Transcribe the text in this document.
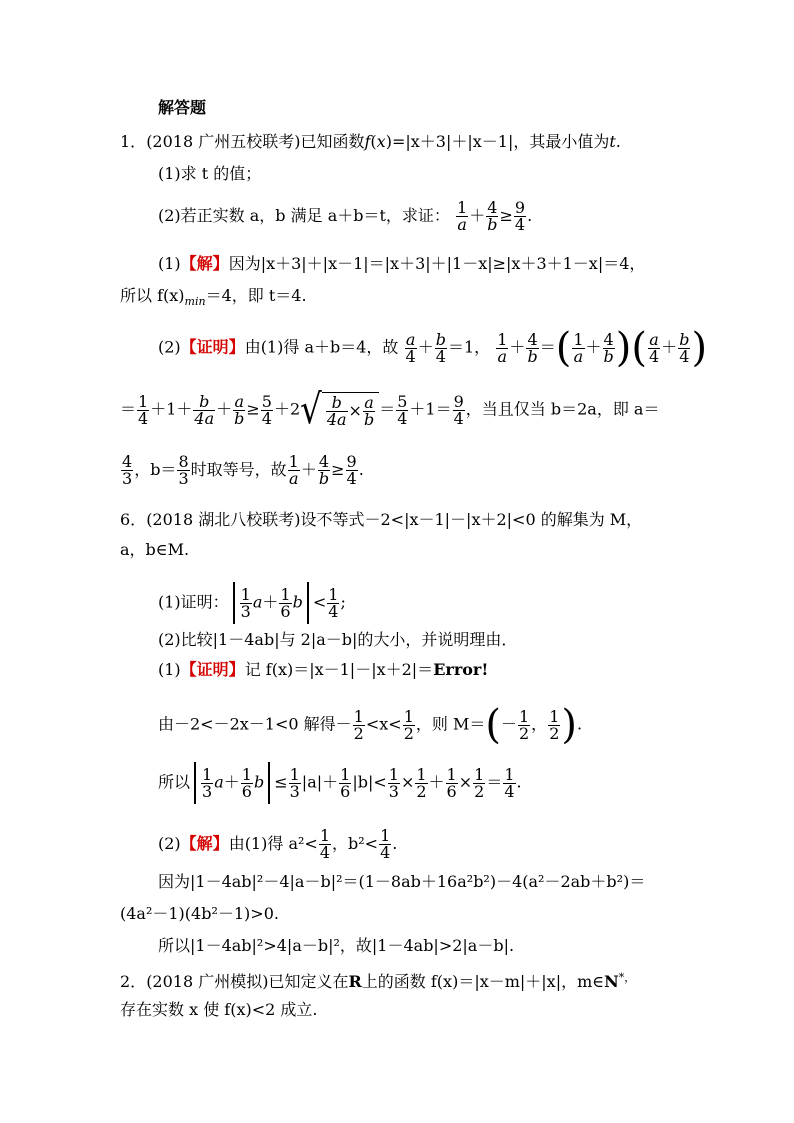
解答题
1．(2018 广州五校联考)已知函数f(x)=|x＋3|＋|x－1|，其最小值为t.
(1)求 t 的值；
(2)若正实数 a，b 满足 a＋b＝t，求证： $\frac{1}{a} + \frac{4}{b} \ge \frac{9}{4}$ .
(1)【解】因为|x＋3|＋|x－1|＝|x＋3|＋|1－x|≥|x＋3＋1－x|＝4，
所以 $f(x)_{min}=4$，即 t＝4.
(2)【证明】由(1)得 a＋b＝4，故 $\frac{a}{4} + \frac{b}{4} =1$， $\frac{1}{a} + \frac{4}{b}$ ＝( $\frac{1}{a} + \frac{4}{b}$ )( $\frac{a}{4} + \frac{b}{4}$ )
＝ $\frac{1}{4} +1+ \frac{b}{4a} + \frac{a}{b} \ge \frac{5}{4} +2√ \frac{b}{4a} \times \frac{a}{b} = \frac{5}{4} +1= \frac{9}{4}$ ，当且仅当 b＝2a，即 a＝
$\frac{4}{3}$ ，$b= \frac{8}{3}$ 时取等号，故 $\frac{1}{a} + \frac{4}{b} \ge \frac{9}{4}$ .
6．(2018 湖北八校联考)设不等式－2<|x－1|－|x＋2|<0 的解集为 M，
a，b∈M.
(1)证明： $\frac{1}{3} a+ \frac{1}{6}$ $b < \frac{1}{4}$ ;
(2)比较|1－4ab|与 2|a－b|的大小，并说明理由．
(1)【证明】记 f(x)＝|x－1|－|x＋2|＝Error!
由－2<－2x－1<0 解得－ $\frac{1}{2} <x< \frac{1}{2}$ ，则 $M=(- \frac{1}{2}$ ， $\frac{1}{2}$ ).
所以 $\frac{1}{3} a+ \frac{1}{6}$ $b \le \frac{1}{3} |a|+ \frac{1}{6} |b|< \frac{1}{3} \times \frac{1}{2} + \frac{1}{6} \times \frac{1}{2} = \frac{1}{4}$ .
(2)【解】由(1)得 $a^2< \frac{1}{4}$ ，$b^2< \frac{1}{4}$ .
因为|1－4ab|²－4|a－b|²＝(1－8ab＋16a²b²)－4(a²－2ab＋b²)＝
(4a²－1)(4b²－1)>0.
所以|1－4ab|²>4|a－b|²，故|1－4ab|>2|a－b|.
2．(2018 广州模拟)已知定义在R上的函数 f(x)＝|x－m|＋|x|，m∈N*，
存在实数 x 使 f(x)<2 成立.
